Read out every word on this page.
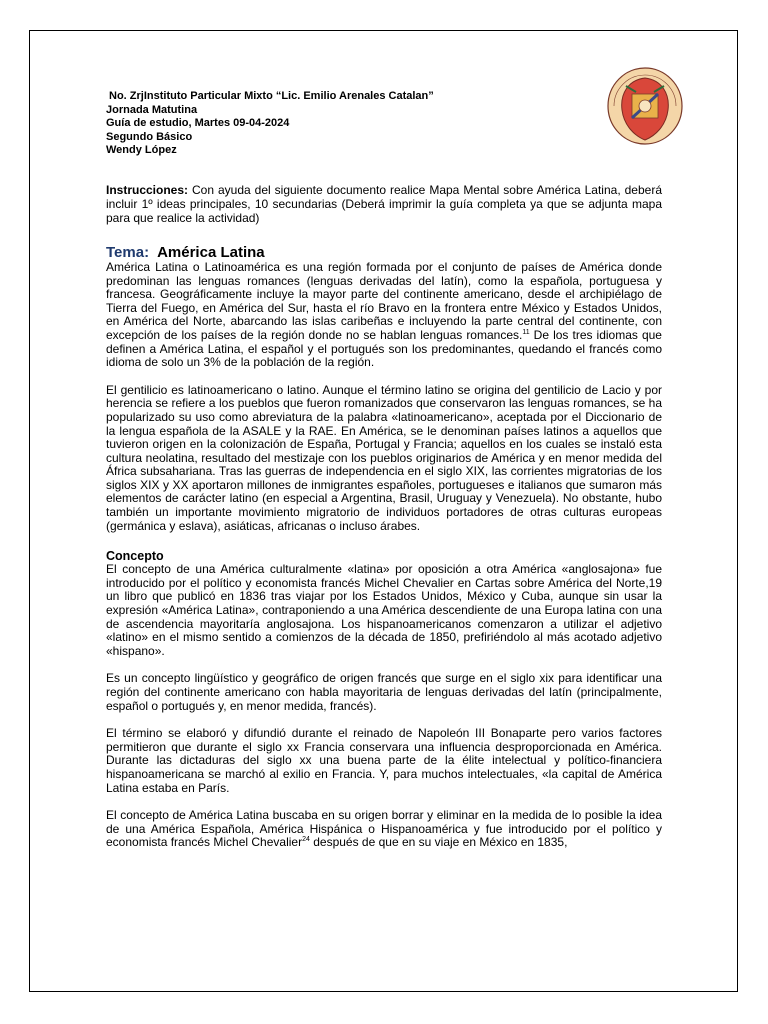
No. ZrjInstituto Particular Mixto “Lic. Emilio Arenales Catalan”
Jornada Matutina
Guía de estudio, Martes 09-04-2024
Segundo Básico
Wendy López
Instrucciones: Con ayuda del siguiente documento realice Mapa Mental sobre América Latina, deberá incluir 1º ideas principales, 10 secundarias (Deberá imprimir la guía completa ya que se adjunta mapa para que realice la actividad)
Tema: América Latina

América Latina o Latinoamérica es una región formada por el conjunto de países de América donde predominan las lenguas romances (lenguas derivadas del latín), como la española, portuguesa y francesa. Geográficamente incluye la mayor parte del continente americano, desde el archipiélago de Tierra del Fuego, en América del Sur, hasta el río Bravo en la frontera entre México y Estados Unidos, en América del Norte, abarcando las islas caribeñas e incluyendo la parte central del continente, con excepción de los países de la región donde no se hablan lenguas romances.$^{11}$ De los tres idiomas que definen a América Latina, el español y el portugués son los predominantes, quedando el francés como idioma de solo un 3% de la población de la región.

El gentilicio es latinoamericano o latino. Aunque el término latino se origina del gentilicio de Lacio y por herencia se refiere a los pueblos que fueron romanizados que conservaron las lenguas romances, se ha popularizado su uso como abreviatura de la palabra «latinoamericano», aceptada por el Diccionario de la lengua española de la ASALE y la RAE. En América, se le denominan países latinos a aquellos que tuvieron origen en la colonización de España, Portugal y Francia; aquellos en los cuales se instaló esta cultura neolatina, resultado del mestizaje con los pueblos originarios de América y en menor medida del África subsahariana. Tras las guerras de independencia en el siglo XIX, las corrientes migratorias de los siglos XIX y XX aportaron millones de inmigrantes españoles, portugueses e italianos que sumaron más elementos de carácter latino (en especial a Argentina, Brasil, Uruguay y Venezuela). No obstante, hubo también un importante movimiento migratorio de individuos portadores de otras culturas europeas (germánica y eslava), asiáticas, africanas o incluso árabes.

Concepto

El concepto de una América culturalmente «latina» por oposición a otra América «anglosajona» fue introducido por el político y economista francés Michel Chevalier en Cartas sobre América del Norte,19 un libro que publicó en 1836 tras viajar por los Estados Unidos, México y Cuba, aunque sin usar la expresión «América Latina», contraponiendo a una América descendiente de una Europa latina con una de ascendencia mayoritaría anglosajona. Los hispanoamericanos comenzaron a utilizar el adjetivo «latino» en el mismo sentido a comienzos de la década de 1850, prefiriéndolo al más acotado adjetivo «hispano».

Es un concepto lingüístico y geográfico de origen francés que surge en el siglo xix para identificar una región del continente americano con habla mayoritaria de lenguas derivadas del latín (principalmente, español o portugués y, en menor medida, francés).

El término se elaboró y difundió durante el reinado de Napoleón III Bonaparte pero varios factores permitieron que durante el siglo xx Francia conservara una influencia desproporcionada en América. Durante las dictaduras del siglo xx una buena parte de la élite intelectual y político-financiera hispanoamericana se marchó al exilio en Francia. Y, para muchos intelectuales, «la capital de América Latina estaba en París.

El concepto de América Latina buscaba en su origen borrar y eliminar en la medida de lo posible la idea de una América Española, América Hispánica o Hispanoamérica y fue introducido por el político y economista francés Michel Chevalier$^{24}$ después de que en su viaje en México en 1835,
